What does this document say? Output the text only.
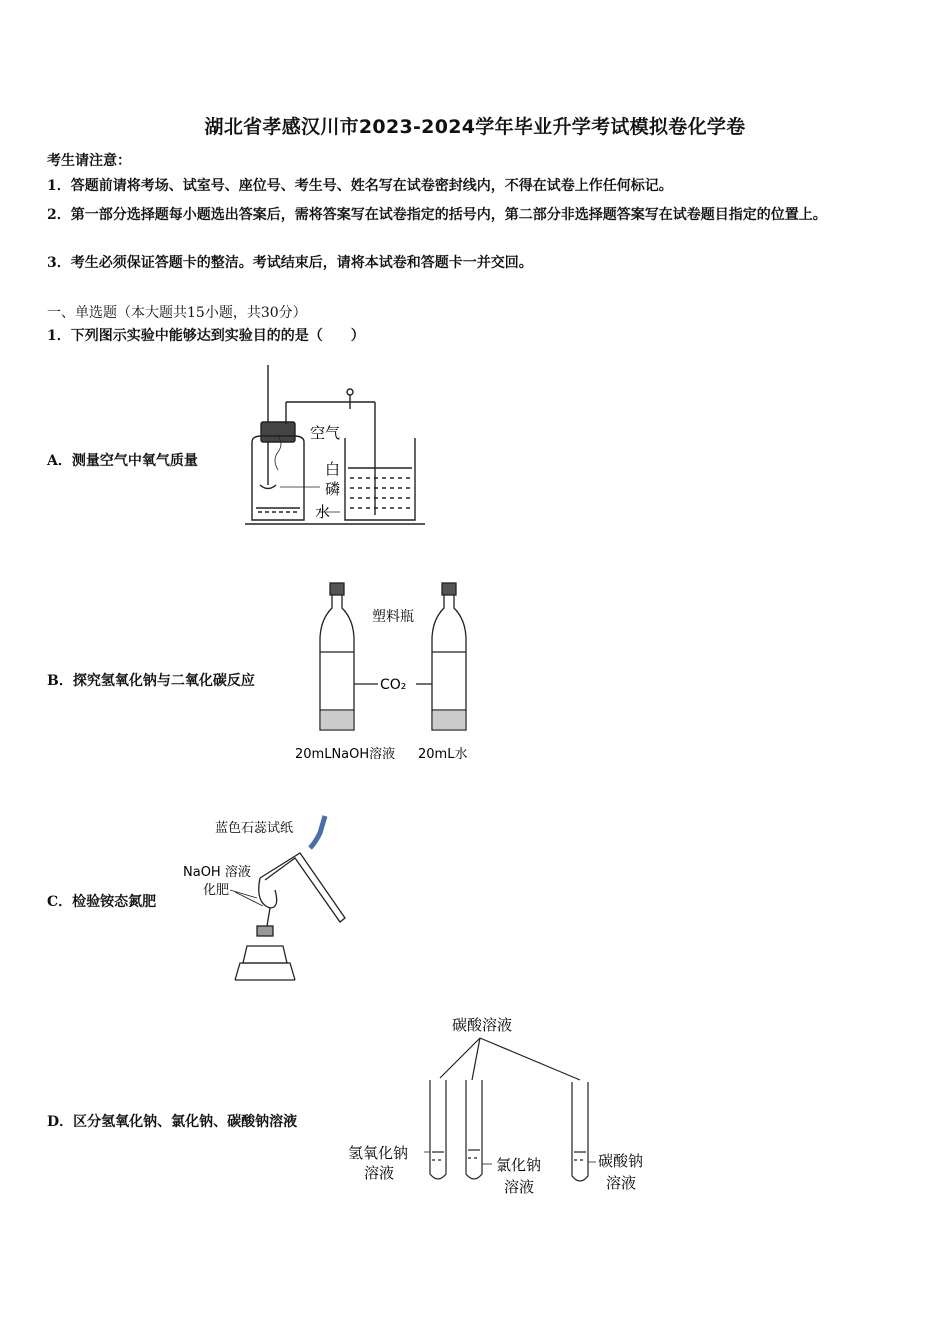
湖北省孝感汉川市2023-2024学年毕业升学考试模拟卷化学卷
考生请注意：
1．答题前请将考场、试室号、座位号、考生号、姓名写在试卷密封线内，不得在试卷上作任何标记。
2．第一部分选择题每小题选出答案后，需将答案写在试卷指定的括号内，第二部分非选择题答案写在试卷题目指定的位置上。
3．考生必须保证答题卡的整洁。考试结束后，请将本试卷和答题卡一并交回。
一、单选题（本大题共15小题，共30分）
1．下列图示实验中能够达到实验目的的是（　　）
A．测量空气中氧气质量
B．探究氢氧化钠与二氧化碳反应
C．检验铵态氮肥
D．区分氢氧化钠、氯化钠、碳酸钠溶液
空气
白
磷
水
塑料瓶
CO₂
20mLNaOH溶液 20mL水
蓝色石蕊试纸
NaOH 溶液
化肥
碳酸溶液
氢氧化钠
溶液	氯化钠
溶液
碳酸钠
溶液
